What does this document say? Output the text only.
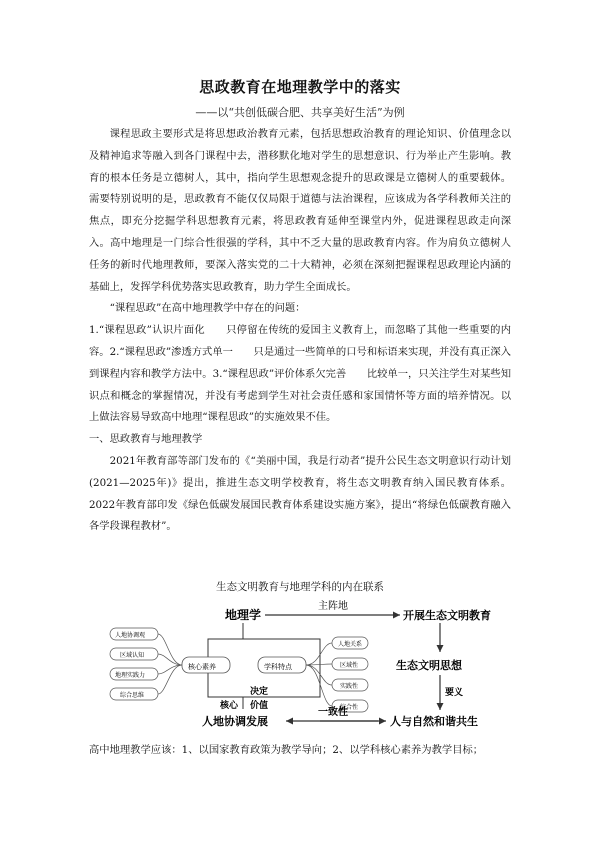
思政教育在地理教学中的落实
——以“共创低碳合肥、共享美好生活”为例

课程思政主要形式是将思想政治教育元素，包括思想政治教育的理论知识、价值理念以及精神追求等融入到各门课程中去，潜移默化地对学生的思想意识、行为举止产生影响。教育的根本任务是立德树人，其中，指向学生思想观念提升的思政课是立德树人的重要载体。需要特别说明的是，思政教育不能仅仅局限于道德与法治课程，应该成为各学科教师关注的焦点，即充分挖掘学科思想教育元素，将思政教育延伸至课堂内外，促进课程思政走向深入。高中地理是一门综合性很强的学科，其中不乏大量的思政教育内容。作为肩负立德树人任务的新时代地理教师，要深入落实党的二十大精神，必须在深刻把握课程思政理论内涵的基础上，发挥学科优势落实思政教育，助力学生全面成长。

“课程思政”在高中地理教学中存在的问题：

1.“课程思政”认识片面化　　只停留在传统的爱国主义教育上，而忽略了其他一些重要的内容。2.“课程思政”渗透方式单一　　只是通过一些简单的口号和标语来实现，并没有真正深入到课程内容和教学方法中。3.“课程思政”评价体系欠完善　　比较单一，只关注学生对某些知识点和概念的掌握情况，并没有考虑到学生对社会责任感和家国情怀等方面的培养情况。以上做法容易导致高中地理“课程思政”的实施效果不佳。

一、思政教育与地理教学

2021年教育部等部门发布的《“美丽中国，我是行动者”提升公民生态文明意识行动计划(2021—2025年)》提出，推进生态文明学校教育，将生态文明教育纳入国民教育体系。2022年教育部印发《绿色低碳发展国民教育体系建设实施方案》，提出“将绿色低碳教育融入各学段课程教材”。

生态文明教育与地理学科的内在联系
地理学
主阵地
开展生态文明教育
核心素养	学科特点
人地协调观
区域认知
地理实践力
综合思维
人地关系
区域性
实践性
综合性
决定
核心 价值
人地协调发展
一致性
生态文明思想
要义
人与自然和谐共生
高中地理教学应该：1、以国家教育政策为教学导向；2、以学科核心素养为教学目标；
